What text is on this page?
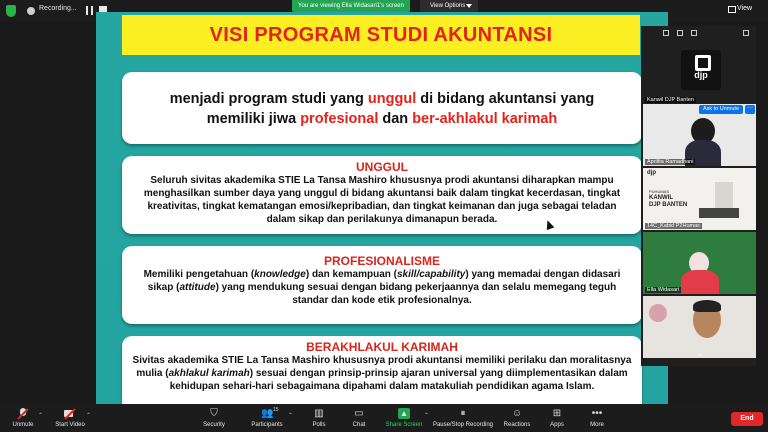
Recording...	You are viewing Ella Widasari1's screen	View Options	View
VISI PROGRAM STUDI AKUNTANSI

menjadi program studi yang unggul di bidang akuntansi yang

memiliki jiwa profesional dan ber-akhlakul karimah

UNGGUL

Seluruh sivitas akademika STIE La Tansa Mashiro khususnya prodi akuntansi diharapkan mampu menghasilkan sumber daya yang unggul di bidang akuntansi baik dalam tingkat kecerdasan, tingkat kreativitas, tingkat kematangan emosi/kepribadian, dan tingkat keimanan dan juga sebagai teladan dalam sikap dan perilakunya dimanapun berada.

PROFESIONALISME

Memiliki pengetahuan (knowledge) dan kemampuan (skill/capability) yang memadai dengan didasari sikap (attitude) yang mendukung sesuai dengan bidang pekerjaannya dan selalu memegang teguh standar dan kode etik profesionalnya.

BERAKHLAKUL KARIMAH

Sivitas akademika STIE La Tansa Mashiro khususnya prodi akuntansi memiliki perilaku dan moralitasnya mulia (akhlakul karimah) sesuai dengan prinsip-prinsip ajaran universal yang diimplementasikan dalam kehidupan sehari-hari sebagaimana dipahami dalam matakuliah pendidikan agama Islam.

djp
Kanwil DJP Banten
Ask to Unmute	···
Aprilita Ramadhani
djp
PUHUMAS
KANWIL
DJP BANTEN
14C_Kabid P2Humas
Ella Widasari
⌄
Unmute
⌃
Start Video
⌃	⛉
Security
👥 15
Participants
⌃ ▥
Polls
▭
Chat
▲
Share Screen
⌃	⏸
Pause/Stop Recording
☺
Reactions
⊞
Apps
•••
More
End
